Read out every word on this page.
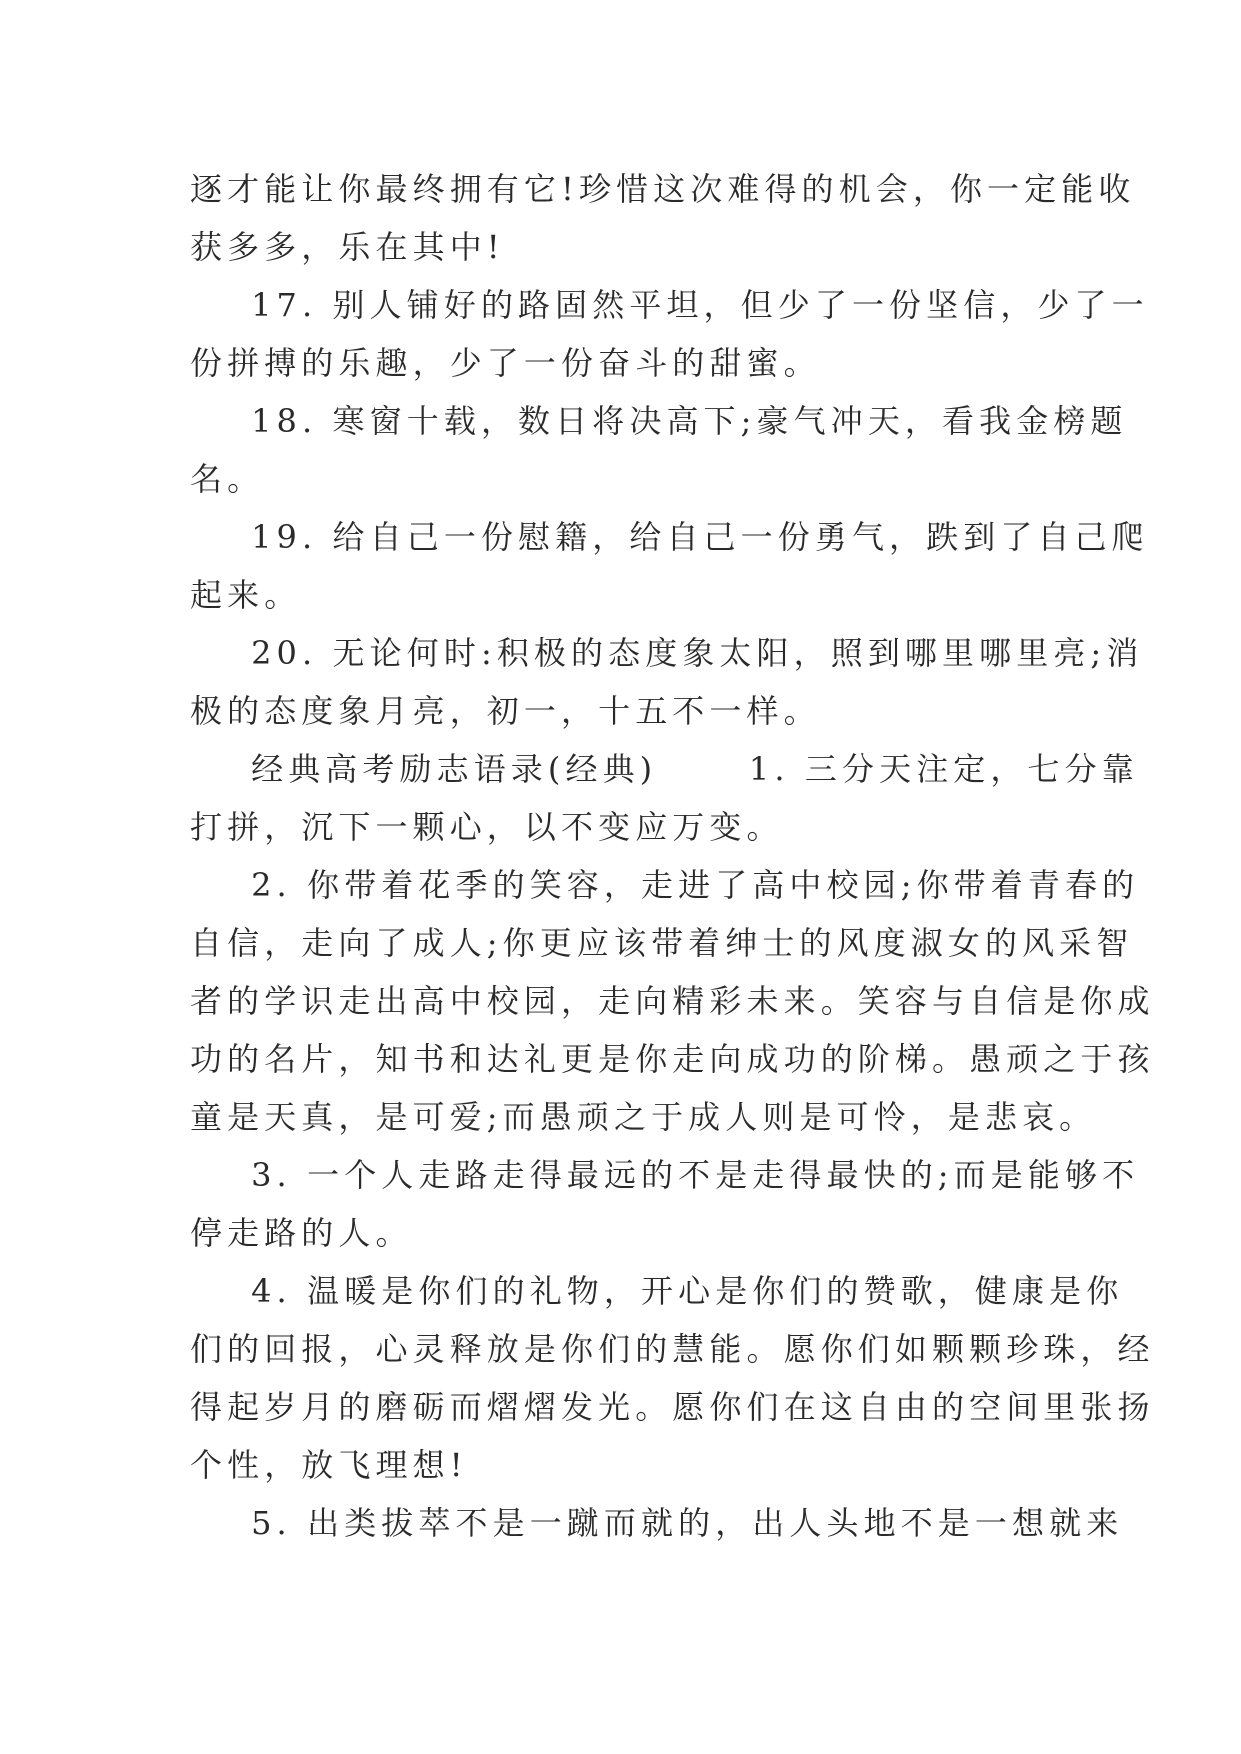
逐才能让你最终拥有它!珍惜这次难得的机会，你一定能收
获多多，乐在其中!
17. 别人铺好的路固然平坦，但少了一份坚信，少了一
份拼搏的乐趣，少了一份奋斗的甜蜜。
18. 寒窗十载，数日将决高下;豪气冲天，看我金榜题
名。
19. 给自己一份慰籍，给自己一份勇气，跌到了自己爬
起来。
20. 无论何时:积极的态度象太阳，照到哪里哪里亮;消
极的态度象月亮，初一，十五不一样。
经典高考励志语录(经典)      1. 三分天注定，七分靠
打拼，沉下一颗心，以不变应万变。
2. 你带着花季的笑容，走进了高中校园;你带着青春的
自信，走向了成人;你更应该带着绅士的风度淑女的风采智
者的学识走出高中校园，走向精彩未来。笑容与自信是你成
功的名片，知书和达礼更是你走向成功的阶梯。愚顽之于孩
童是天真，是可爱;而愚顽之于成人则是可怜，是悲哀。
3. 一个人走路走得最远的不是走得最快的;而是能够不
停走路的人。
4. 温暖是你们的礼物，开心是你们的赞歌，健康是你
们的回报，心灵释放是你们的慧能。愿你们如颗颗珍珠，经
得起岁月的磨砺而熠熠发光。愿你们在这自由的空间里张扬
个性，放飞理想!
5. 出类拔萃不是一蹴而就的，出人头地不是一想就来
